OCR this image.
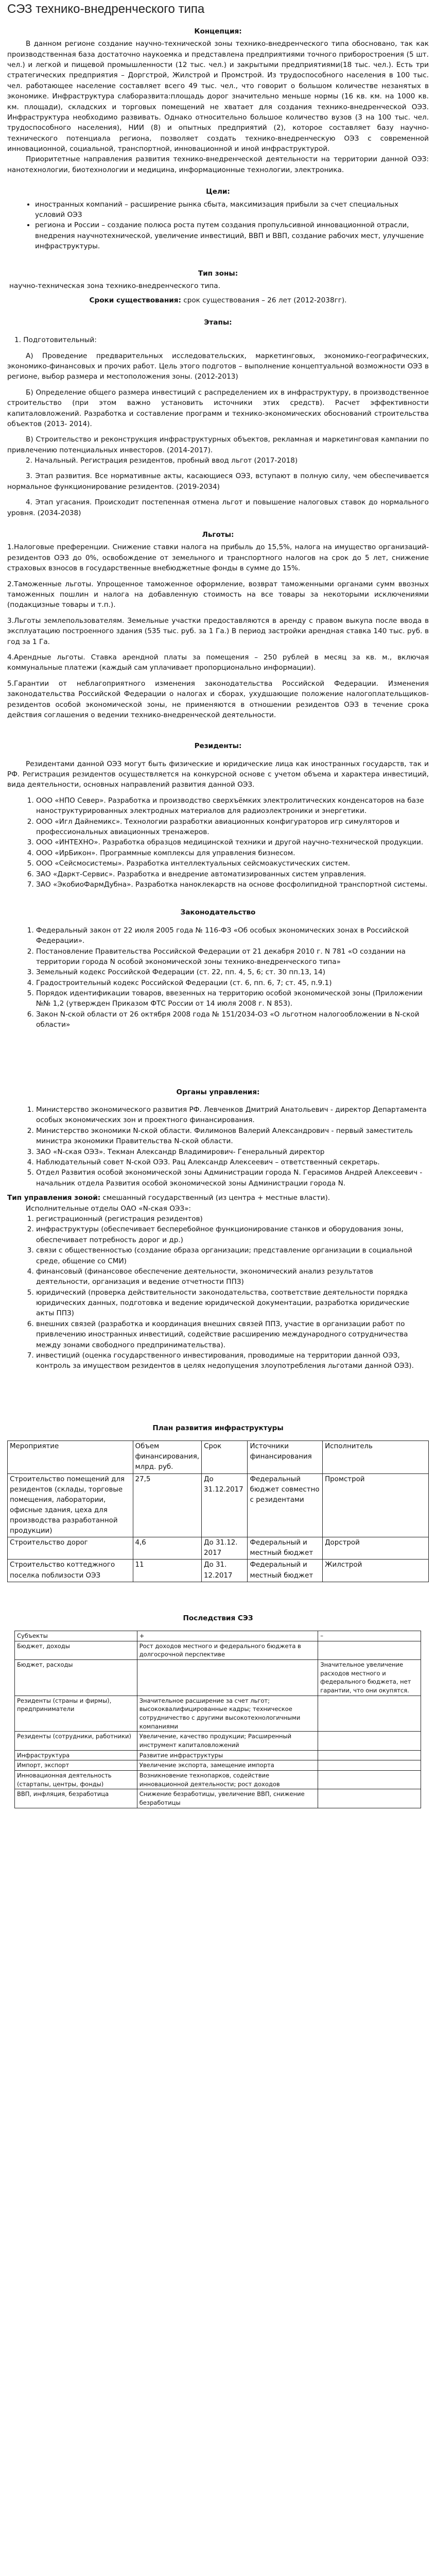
СЭЗ технико-внедренческого типа

Концепция:

В данном регионе создание научно-технической зоны технико-внедренческого типа обосновано, так как производственная база достаточно наукоемка и представлена предприятиями точного приборостроения (5 шт. чел.) и легкой и пищевой промышленности (12 тыс. чел.) и закрытыми предприятиями(18 тыс. чел.). Есть три стратегических предприятия – Доргстрой, Жилстрой и Промстрой. Из трудоспособного населения в 100 тыс. чел. работающее население составляет всего 49 тыс. чел., что говорит о большом количестве незанятых в экономике. Инфраструктура слаборазвита:площадь дорог значительно меньше нормы (16 кв. км. на 1000 кв. км. площади), складских и торговых помещений не хватает для создания технико-внедренческой ОЭЗ. Инфраструктура необходимо развивать. Однако относительно большое количество вузов (3 на 100 тыс. чел. трудоспособного населения), НИИ (8) и опытных предприятий (2), которое составляет базу научно-технического потенциала региона, позволяет создать технико-внедренческую ОЭЗ с современной инновационной, социальной, транспортной, инновационной и иной инфраструктурой.

Приоритетные направления развития технико-внедренческой деятельности на территории данной ОЭЗ: нанотехнологии, биотехнологии и медицина, информационные технологии, электроника.

Цели:

• иностранных компаний – расширение рынка сбыта, максимизация прибыли за счет специальных условий ОЭЗ
• региона и России – создание полюса роста путем создания пропульсивной инновационной отрасли, внедрения научнотехнической, увеличение инвестиций, ВВП и ВВП, создание рабочих мест, улучшение инфраструктуры.

Тип зоны:

научно-техническая зона технико-внедренческого типа.

Сроки существования: срок существования – 26 лет (2012-2038гг).

Этапы:

1. Подготовительный:

А) Проведение предварительных исследовательских, маркетинговых, экономико-географических, экономико-финансовых и прочих работ. Цель этого подготов – выполнение концептуальной возможности ОЭЗ в регионе, выбор размера и местоположения зоны. (2012-2013)

Б) Определение общего размера инвестиций с распределением их в инфраструктуру, в производственное строительство (при этом важно установить источники этих средств). Расчет эффективности капиталовложений. Разработка и составление программ и технико-экономических обоснований строительства объектов (2013- 2014).

В) Строительство и реконструкция инфраструктурных объектов, рекламная и маркетинговая кампании по привлечению потенциальных инвесторов. (2014-2017).

2. Начальный. Регистрация резидентов, пробный ввод льгот (2017-2018)

3. Этап развития. Все нормативные акты, касающиеся ОЭЗ, вступают в полную силу, чем обеспечивается нормальное функционирование резидентов. (2019-2034)

4. Этап угасания. Происходит постепенная отмена льгот и повышение налоговых ставок до нормального уровня. (2034-2038)

Льготы:

1.Налоговые преференции. Снижение ставки налога на прибыль до 15,5%, налога на имущество организаций-резидентов ОЭЗ до 0%, освобождение от земельного и транспортного налогов на срок до 5 лет, снижение страховых взносов в государственные внебюджетные фонды в сумме до 15%.

2.Таможенные льготы. Упрощенное таможенное оформление, возврат таможенными органами сумм ввозных таможенных пошлин и налога на добавленную стоимость на все товары за некоторыми исключениями (подакцизные товары и т.п.).

3.Льготы землепользователям. Земельные участки предоставляются в аренду с правом выкупа после ввода в эксплуатацию построенного здания (535 тыс. руб. за 1 Га.) В период застройки арендная ставка 140 тыс. руб. в год за 1 Га.

4.Арендные льготы. Ставка арендной платы за помещения – 250 рублей в месяц за кв. м., включая коммунальные платежи (каждый сам уплачивает пропорционально информации).

5.Гарантии от неблагоприятного изменения законодательства Российской Федерации. Изменения законодательства Российской Федерации о налогах и сборах, ухудшающие положение налогоплательщиков-резидентов особой экономической зоны, не применяются в отношении резидентов ОЭЗ в течение срока действия соглашения о ведении технико-внедренческой деятельности.

Резиденты:

Резидентами данной ОЭЗ могут быть физические и юридические лица как иностранных государств, так и РФ. Регистрация резидентов осуществляется на конкурсной основе с учетом объема и характера инвестиций, вида деятельности, основных направлений развития данной ОЭЗ.

1. ООО «НПО Север». Разработка и производство сверхъёмких электролитических конденсаторов на базе наноструктурированных электродных материалов для радиоэлектроники и энергетики.
2. ООО «Игл Дайнемикс». Технологии разработки авиационных конфигураторов игр симуляторов и профессиональных авиационных тренажеров.
3. ООО «ИНТЕХНО». Разработка образцов медицинской техники и другой научно-технической продукции.
4. ООО «ИрБикон». Программные комплексы для управления бизнесом.
5. ООО «Сейсмосистемы». Разработка интеллектуальных сейсмоакустических систем.
6. ЗАО «Даркт-Сервис». Разработка и внедрение автоматизированных систем управления.
7. ЗАО «ЭкобиоФармДубна». Разработка наноклекарств на основе фосфолипидной транспортной системы.

Законодательство

1. Федеральный закон от 22 июля 2005 года № 116-ФЗ «Об особых экономических зонах в Российской Федерации».
2. Постановление Правительства Российской Федерации от 21 декабря 2010 г. N 781 «О создании на территории города N особой экономической зоны технико-внедренческого типа»
3. Земельный кодекс Российской Федерации (ст. 22, пп. 4, 5, 6; ст. 30 пп.13, 14)
4. Градостроительный кодекс Российской Федерации (ст. 6, пп. 6, 7; ст. 45, п.9.1)
5. Порядок идентификации товаров, ввезенных на территорию особой экономической зоны (Приложении №№ 1,2 (утвержден Приказом ФТС России от 14 июля 2008 г. N 853).
6. Закон N-ской области от 26 октября 2008 года № 151/2034-ОЗ «О льготном налогообложении в N-ской области»

Органы управления:

1. Министерство экономического развития РФ. Левченков Дмитрий Анатольевич - директор Департамента особых экономических зон и проектного финансирования.
2. Министерство экономики N-ской области. Филимонов Валерий Александрович - первый заместитель министра экономики Правительства N-ской области.
3. ЗАО «N-ская ОЭЗ». Текман Александр Владимирович- Генеральный директор
4. Наблюдательный совет N-ской ОЭЗ. Рац Александр Алексеевич – ответственный секретарь.
5. Отдел Развития особой экономической зоны Администрации города N. Герасимов Андрей Алексеевич - начальник отдела Развития особой экономической зоны Администрации города N.

Тип управления зоной: смешанный государственный (из центра + местные власти).

Исполнительные отделы ОАО «N-ская ОЭЗ»:

1. регистрационный (регистрация резидентов)
2. инфраструктуры (обеспечивает бесперебойное функционирование станков и оборудования зоны, обеспечивает потребность дорог и др.)
3. связи с общественностью (создание образа организации; представление организации в социальной среде, общение со СМИ)
4. финансовый (финансовое обеспечение деятельности, экономический анализ результатов деятельности, организация и ведение отчетности ППЗ)
5. юридический (проверка действительности законодательства, соответствие деятельности порядка юридических данных, подготовка и ведение юридической документации, разработка юридические акты ППЗ)
6. внешних связей (разработка и координация внешних связей ППЗ, участие в организации работ по привлечению иностранных инвестиций, содействие расширению международного сотрудничества между зонами свободного предпринимательства).
7. инвестиций (оценка государственного инвестирования, проводимые на территории данной ОЭЗ, контроль за имуществом резидентов в целях недопущения злоупотребления льготами данной ОЭЗ).

План развития инфраструктуры

Мероприятие	Объем финансирования, млрд. руб.	Срок	Источники финансирования	Исполнитель
Строительство помещений для резидентов (склады, торговые помещения, лаборатории, офисные здания, цеха для производства разработанной продукции)	27,5	До 31.12.2017	Федеральный бюджет совместно с резидентами	Промстрой
Строительство дорог	4,6	До 31.12. 2017	Федеральный и местный бюджет	Дорстрой
Строительство коттеджного поселка поблизости ОЭЗ	11	До 31. 12.2017	Федеральный и местный бюджет	Жилстрой

Последствия СЭЗ

Субъекты	+	–
Бюджет, доходы	Рост доходов местного и федерального бюджета в долгосрочной перспективе	
Бюджет, расходы		Значительное увеличение расходов местного и федерального бюджета, нет гарантии, что они окупятся.
Резиденты (страны и фирмы), предприниматели	Значительное расширение за счет льгот; высококвалифицированные кадры; техническое сотрудничество с другими высокотехнологичными компаниями	
Резиденты (сотрудники, работники)	Увеличение, качество продукции; Расширенный инструмент капиталовложений	
Инфраструктура	Развитие инфраструктуры	
Импорт, экспорт	Увеличение экспорта, замещение импорта	
Инновационная деятельность (стартапы, центры, фонды)	Возникновение технопарков, содействие инновационной деятельности; рост доходов	
ВВП, инфляция, безработица	Снижение безработицы, увеличение ВВП, снижение безработицы	
